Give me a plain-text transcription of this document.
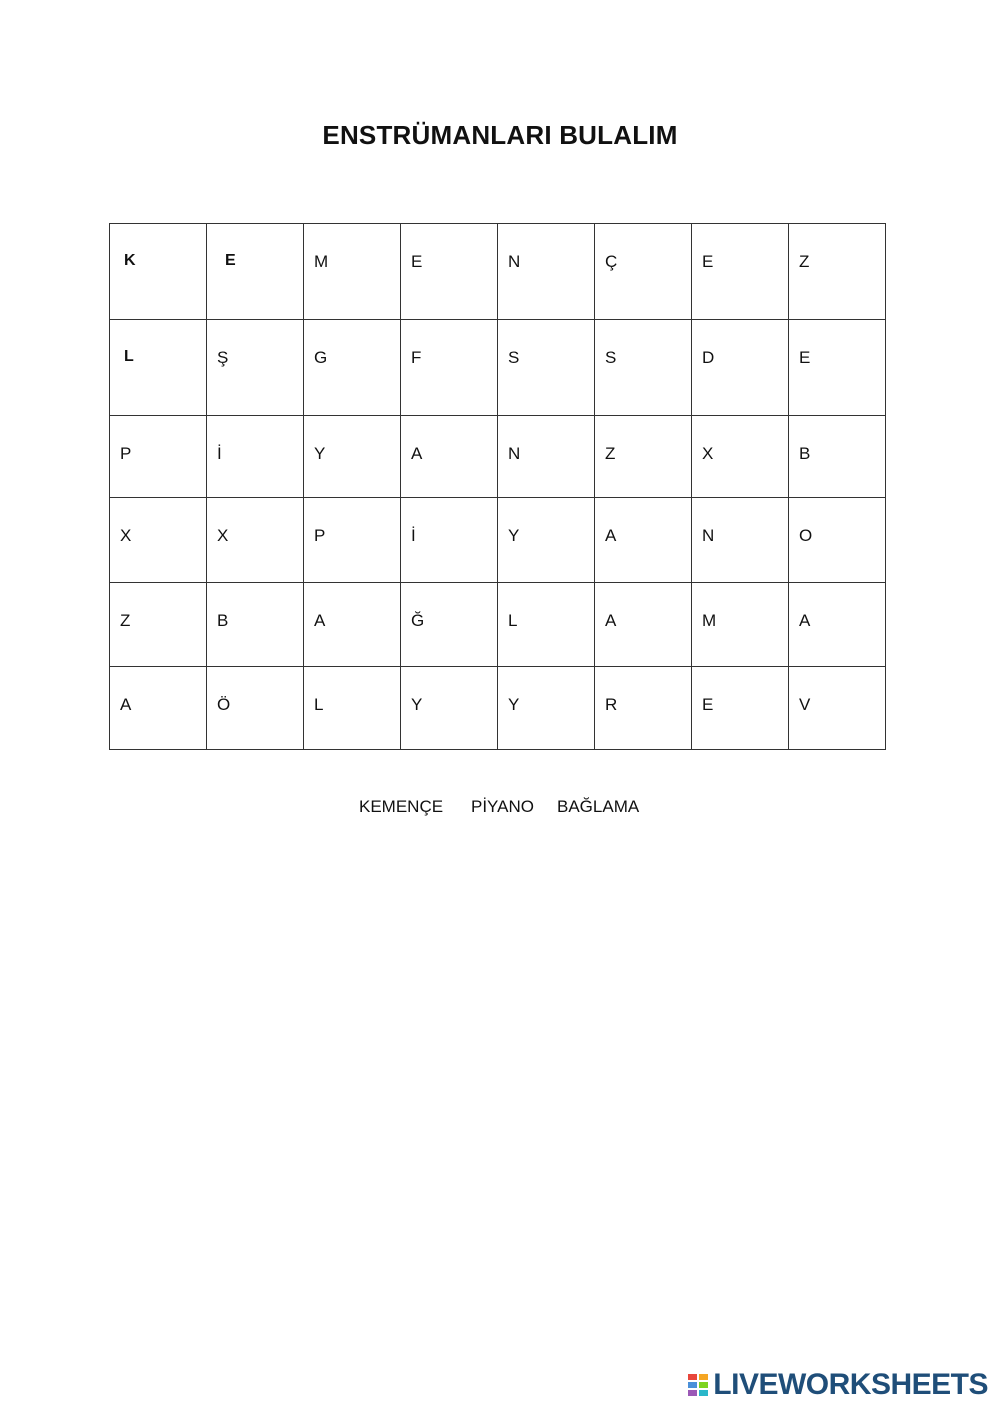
ENSTRÜMANLARI BULALIM
K	E	M	E	N	Ç	E	Z
L	Ş	G	F	S	S	D	E
P	İ	Y	A	N	Z	X	B
X	X	P	İ	Y	A	N	O
Z	B	A	Ğ	L	A	M	A
A	Ö	L	Y	Y	R	E	V
KEMENÇE PİYANO BAĞLAMA
LIVEWORKSHEETS
